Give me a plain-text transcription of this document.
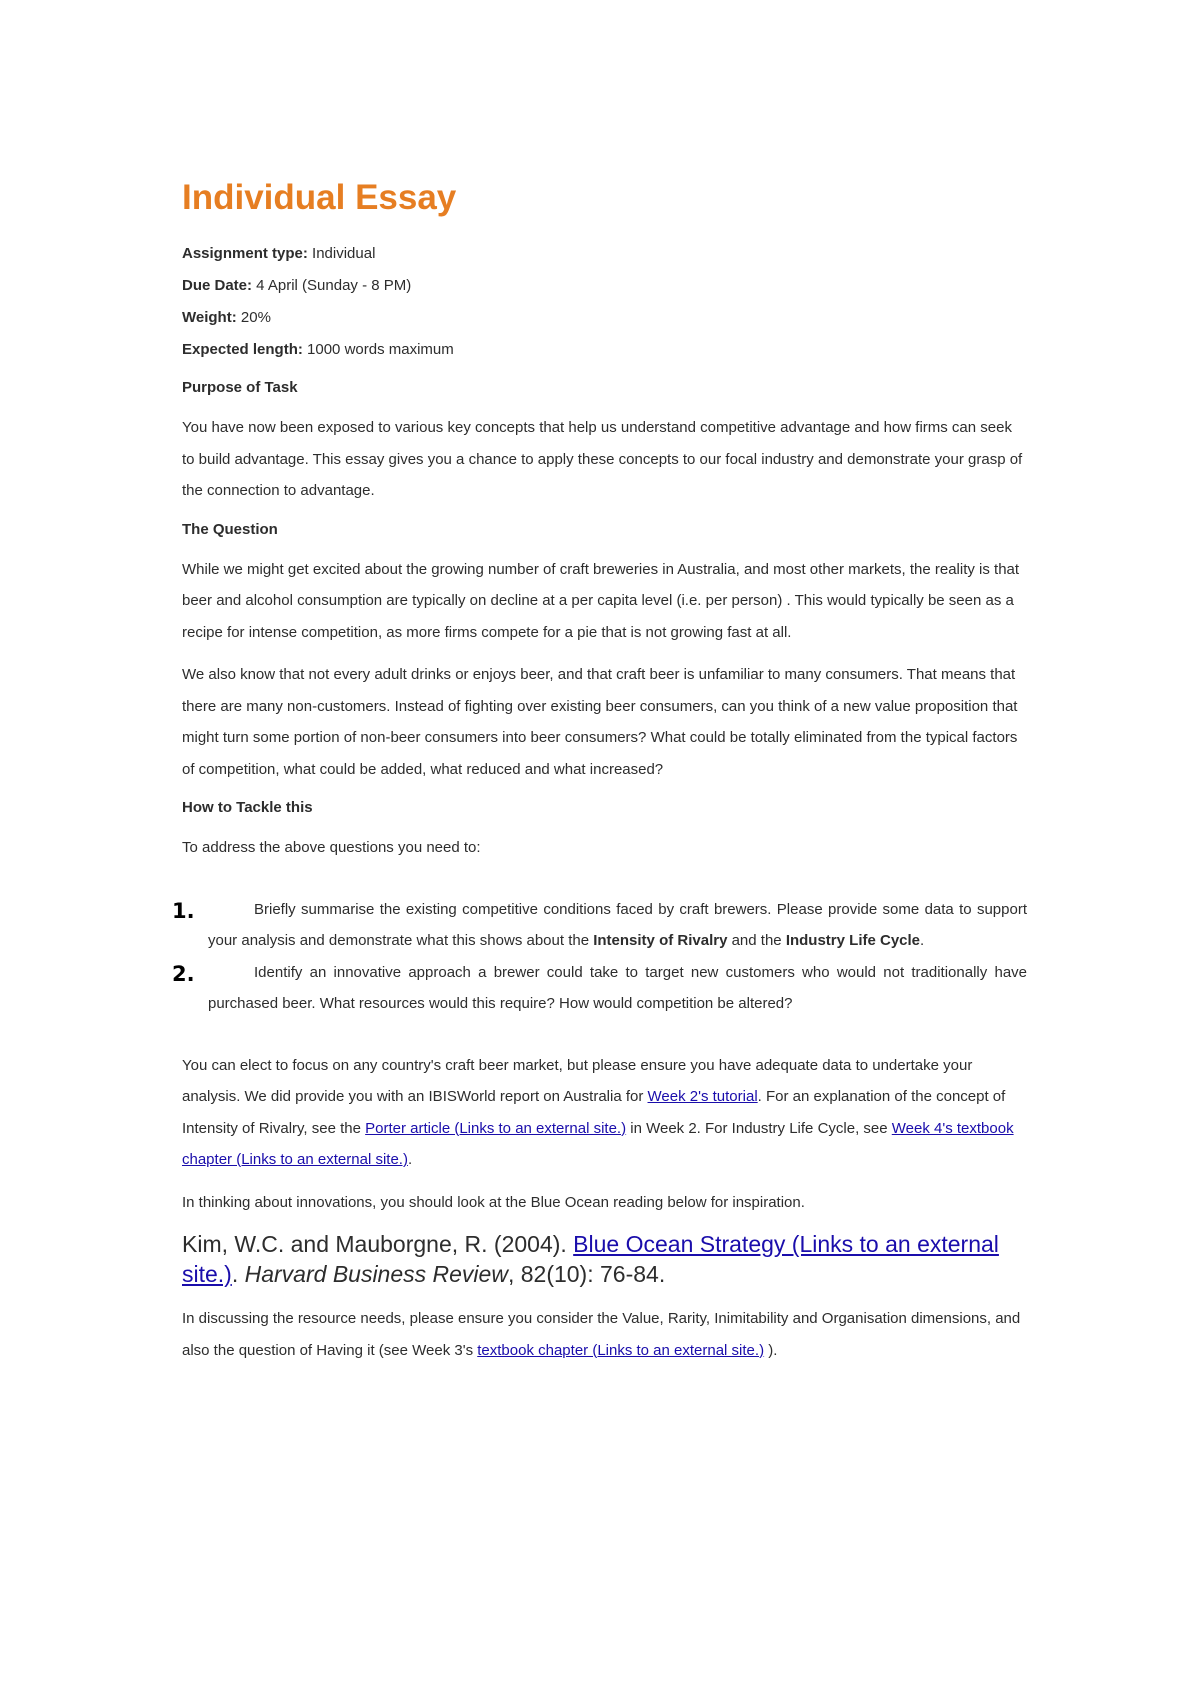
Individual Essay

Assignment type: Individual

Due Date: 4 April (Sunday - 8 PM)

Weight: 20%

Expected length: 1000 words maximum

Purpose of Task

You have now been exposed to various key concepts that help us understand competitive advantage and how firms can seek to build advantage. This essay gives you a chance to apply these concepts to our focal industry and demonstrate your grasp of the connection to advantage.

The Question

While we might get excited about the growing number of craft breweries in Australia, and most other markets, the reality is that beer and alcohol consumption are typically on decline at a per capita level (i.e. per person) . This would typically be seen as a recipe for intense competition, as more firms compete for a pie that is not growing fast at all.

We also know that not every adult drinks or enjoys beer, and that craft beer is unfamiliar to many consumers. That means that there are many non-customers. Instead of fighting over existing beer consumers, can you think of a new value proposition that might turn some portion of non-beer consumers into beer consumers? What could be totally eliminated from the typical factors of competition, what could be added, what reduced and what increased?

How to Tackle this

To address the above questions you need to:

1.	Briefly summarise the existing competitive conditions faced by craft brewers. Please provide some data to support your analysis and demonstrate what this shows about the Intensity of Rivalry and the Industry Life Cycle.
2.	Identify an innovative approach a brewer could take to target new customers who would not traditionally have purchased beer. What resources would this require? How would competition be altered?

You can elect to focus on any country's craft beer market, but please ensure you have adequate data to undertake your analysis. We did provide you with an IBISWorld report on Australia for Week 2's tutorial. For an explanation of the concept of Intensity of Rivalry, see the Porter article (Links to an external site.) in Week 2. For Industry Life Cycle, see Week 4's textbook chapter (Links to an external site.).

In thinking about innovations, you should look at the Blue Ocean reading below for inspiration.

Kim, W.C. and Mauborgne, R. (2004). Blue Ocean Strategy (Links to an external site.). Harvard Business Review, 82(10): 76-84.

In discussing the resource needs, please ensure you consider the Value, Rarity, Inimitability and Organisation dimensions, and also the question of Having it (see Week 3's textbook chapter (Links to an external site.) ).
